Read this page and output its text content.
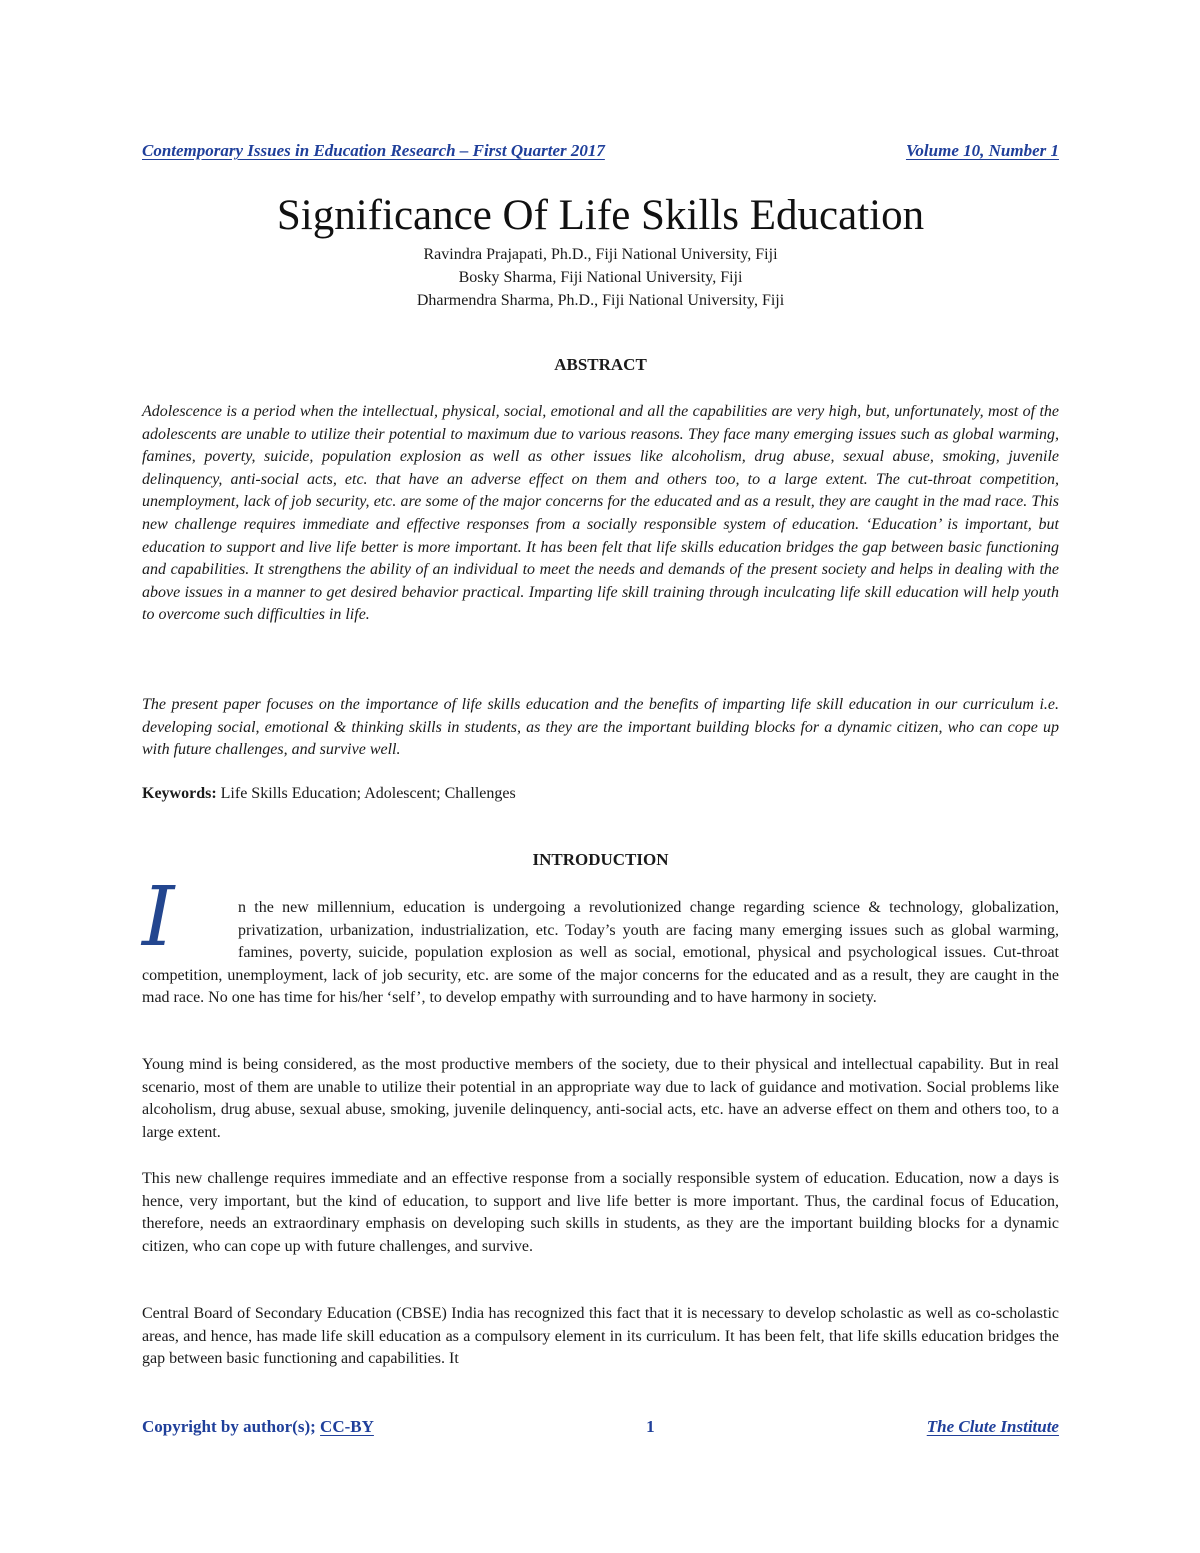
Contemporary Issues in Education Research – First Quarter 2017	Volume 10, Number 1
Significance Of Life Skills Education
Ravindra Prajapati, Ph.D., Fiji National University, Fiji
Bosky Sharma, Fiji National University, Fiji
Dharmendra Sharma, Ph.D., Fiji National University, Fiji
ABSTRACT

Adolescence is a period when the intellectual, physical, social, emotional and all the capabilities are very high, but, unfortunately, most of the adolescents are unable to utilize their potential to maximum due to various reasons. They face many emerging issues such as global warming, famines, poverty, suicide, population explosion as well as other issues like alcoholism, drug abuse, sexual abuse, smoking, juvenile delinquency, anti-social acts, etc. that have an adverse effect on them and others too, to a large extent. The cut-throat competition, unemployment, lack of job security, etc. are some of the major concerns for the educated and as a result, they are caught in the mad race. This new challenge requires immediate and effective responses from a socially responsible system of education. ‘Education’ is important, but education to support and live life better is more important. It has been felt that life skills education bridges the gap between basic functioning and capabilities. It strengthens the ability of an individual to meet the needs and demands of the present society and helps in dealing with the above issues in a manner to get desired behavior practical. Imparting life skill training through inculcating life skill education will help youth to overcome such difficulties in life.

The present paper focuses on the importance of life skills education and the benefits of imparting life skill education in our curriculum i.e. developing social, emotional & thinking skills in students, as they are the important building blocks for a dynamic citizen, who can cope up with future challenges, and survive well.

Keywords: Life Skills Education; Adolescent; Challenges

INTRODUCTION
I	n the new millennium, education is undergoing a revolutionized change regarding science & technology, globalization, privatization, urbanization, industrialization, etc. Today’s youth are facing many emerging issues such as global warming, famines, poverty, suicide, population explosion as well as social, emotional, physical and psychological issues. Cut-throat competition, unemployment, lack of job security, etc. are some of the major concerns for the educated and as a result, they are caught in the mad race. No one has time for his/her ‘self’, to develop empathy with surrounding and to have harmony in society.

Young mind is being considered, as the most productive members of the society, due to their physical and intellectual capability. But in real scenario, most of them are unable to utilize their potential in an appropriate way due to lack of guidance and motivation. Social problems like alcoholism, drug abuse, sexual abuse, smoking, juvenile delinquency, anti-social acts, etc. have an adverse effect on them and others too, to a large extent.

This new challenge requires immediate and an effective response from a socially responsible system of education. Education, now a days is hence, very important, but the kind of education, to support and live life better is more important. Thus, the cardinal focus of Education, therefore, needs an extraordinary emphasis on developing such skills in students, as they are the important building blocks for a dynamic citizen, who can cope up with future challenges, and survive.

Central Board of Secondary Education (CBSE) India has recognized this fact that it is necessary to develop scholastic as well as co-scholastic areas, and hence, has made life skill education as a compulsory element in its curriculum. It has been felt, that life skills education bridges the gap between basic functioning and capabilities. It

Copyright by author(s); CC-BY	1	The Clute Institute
